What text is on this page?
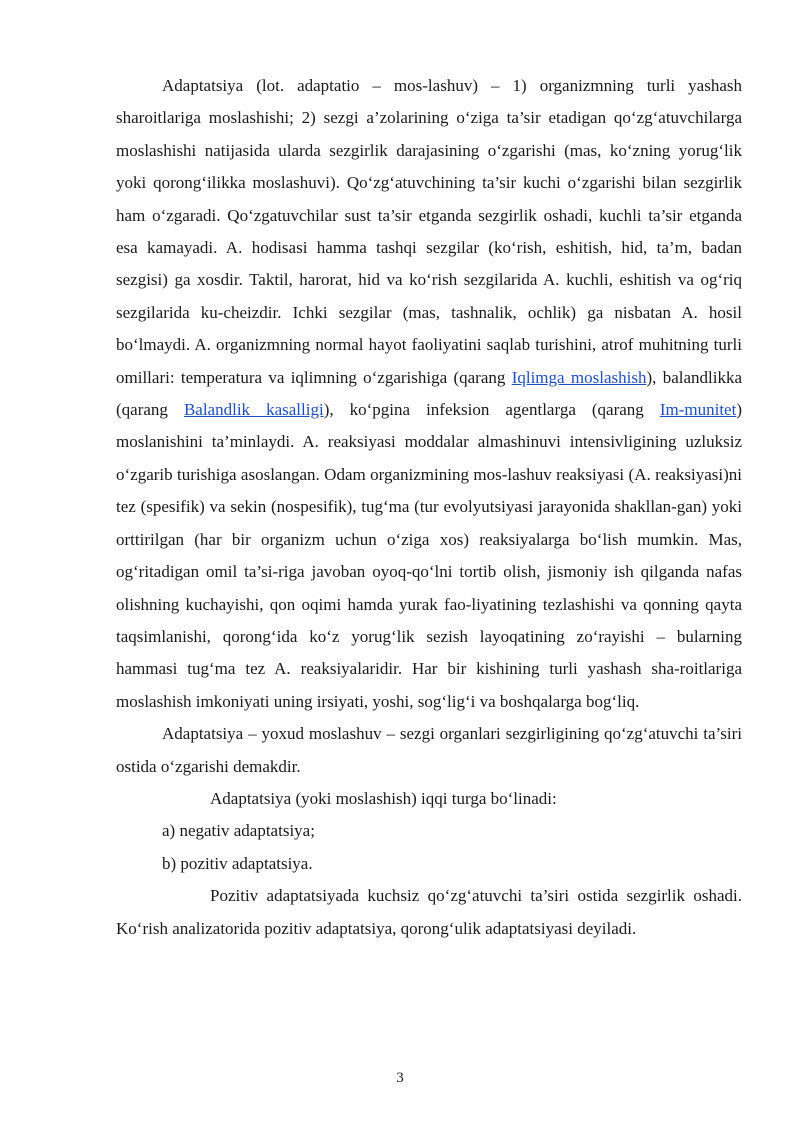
Adaptatsiya (lot. adaptatio – mos-lashuv) – 1) organizmning turli yashash sharoitlariga moslashishi; 2) sezgi a’zolarining o‘ziga ta’sir etadigan qo‘zg‘atuvchilarga moslashishi natijasida ularda sezgirlik darajasining o‘zgarishi (mas, ko‘zning yorug‘lik yoki qorong‘ilikka moslashuvi). Qo‘zg‘atuvchining ta’sir kuchi o‘zgarishi bilan sezgirlik ham o‘zgaradi. Qo‘zgatuvchilar sust ta’sir etganda sezgirlik oshadi, kuchli ta’sir etganda esa kamayadi. A. hodisasi hamma tashqi sezgilar (ko‘rish, eshitish, hid, ta’m, badan sezgisi) ga xosdir. Taktil, harorat, hid va ko‘rish sezgilarida A. kuchli, eshitish va og‘riq sezgilarida ku-cheizdir. Ichki sezgilar (mas, tashnalik, ochlik) ga nisbatan A. hosil bo‘lmaydi. A. organizmning normal hayot faoliyatini saqlab turishini, atrof muhitning turli omillari: temperatura va iqlimning o‘zgarishiga (qarang Iqlimga moslashish), balandlikka (qarang Balandlik kasalligi), ko‘pgina infeksion agentlarga (qarang Im-munitet) moslanishini ta’minlaydi. A. reaksiyasi moddalar almashinuvi intensivligining uzluksiz o‘zgarib turishiga asoslangan. Odam organizmining mos-lashuv reaksiyasi (A. reaksiyasi)ni tez (spesifik) va sekin (nospesifik), tug‘ma (tur evolyutsiyasi jarayonida shakllan-gan) yoki orttirilgan (har bir organizm uchun o‘ziga xos) reaksiyalarga bo‘lish mumkin. Mas, og‘ritadigan omil ta’si-riga javoban oyoq-qo‘lni tortib olish, jismoniy ish qilganda nafas olishning kuchayishi, qon oqimi hamda yurak fao-liyatining tezlashishi va qonning qayta taqsimlanishi, qorong‘ida ko‘z yorug‘lik sezish layoqatining zo‘rayishi – bularning hammasi tug‘ma tez A. reaksiyalaridir. Har bir kishining turli yashash sha-roitlariga moslashish imkoniyati uning irsiyati, yoshi, sog‘lig‘i va boshqalarga bog‘liq.

Adaptatsiya – yoxud moslashuv – sezgi organlari sezgirligining qo‘zg‘atuvchi ta’siri ostida o‘zgarishi demakdir.

Adaptatsiya (yoki moslashish) iqqi turga bo‘linadi:

a) negativ adaptatsiya;

b) pozitiv adaptatsiya.

Pozitiv adaptatsiyada kuchsiz qo‘zg‘atuvchi ta’siri ostida sezgirlik oshadi. Ko‘rish analizatorida pozitiv adaptatsiya, qorong‘ulik adaptatsiyasi deyiladi.

3
